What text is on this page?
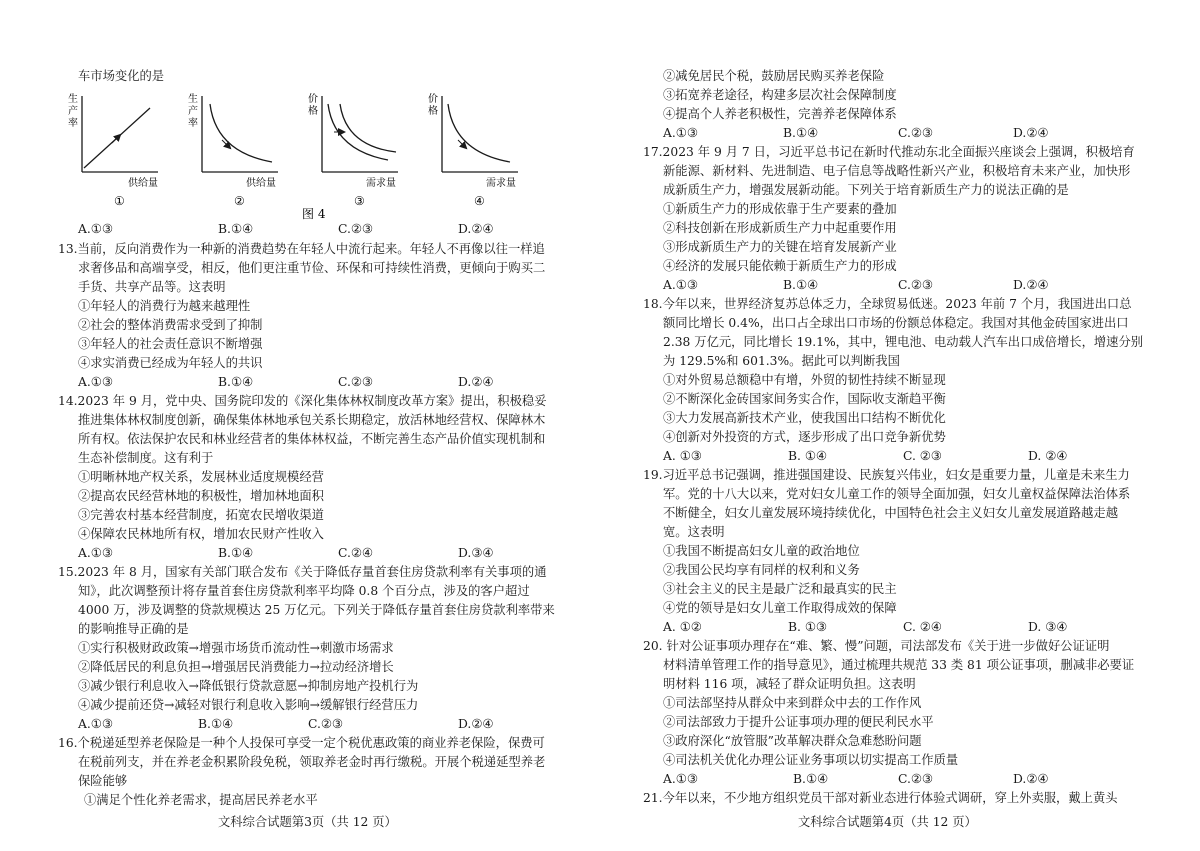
车市场变化的是
生
产
率
供给量
①
生
产
率
供给量
②
价
格
需求量
③
价
格
需求量
④
图 4
A.①③	B.①④	C.②③	D.②④
13.当前，反向消费作为一种新的消费趋势在年轻人中流行起来。年轻人不再像以往一样追
求奢侈品和高端享受，相反，他们更注重节俭、环保和可持续性消费，更倾向于购买二
手货、共享产品等。这表明
①年轻人的消费行为越来越理性
②社会的整体消费需求受到了抑制
③年轻人的社会责任意识不断增强
④求实消费已经成为年轻人的共识
A.①③	B.①④	C.②③	D.②④
14.2023 年 9 月，党中央、国务院印发的《深化集体林权制度改革方案》提出，积极稳妥
推进集体林权制度创新，确保集体林地承包关系长期稳定，放活林地经营权、保障林木
所有权。依法保护农民和林业经营者的集体林权益，不断完善生态产品价值实现机制和
生态补偿制度。这有利于
①明晰林地产权关系，发展林业适度规模经营
②提高农民经营林地的积极性，增加林地面积
③完善农村基本经营制度，拓宽农民增收渠道
④保障农民林地所有权，增加农民财产性收入
A.①③	B.①④	C.②④	D.③④
15.2023 年 8 月，国家有关部门联合发布《关于降低存量首套住房贷款利率有关事项的通
知》，此次调整预计将存量首套住房贷款利率平均降 0.8 个百分点，涉及的客户超过
4000 万，涉及调整的贷款规模达 25 万亿元。下列关于降低存量首套住房贷款利率带来
的影响推导正确的是
①实行积极财政政策→增强市场货币流动性→刺激市场需求
②降低居民的利息负担→增强居民消费能力→拉动经济增长
③减少银行利息收入→降低银行贷款意愿→抑制房地产投机行为
④减少提前还贷→减轻对银行利息收入影响→缓解银行经营压力
A.①③	B.①④	C.②③	D.②④
16.个税递延型养老保险是一种个人投保可享受一定个税优惠政策的商业养老保险，保费可
在税前列支，并在养老金积累阶段免税，领取养老金时再行缴税。开展个税递延型养老
保险能够
①满足个性化养老需求，提高居民养老水平
文科综合试题第3页（共 12 页）
②减免居民个税，鼓励居民购买养老保险
③拓宽养老途径，构建多层次社会保障制度
④提高个人养老积极性，完善养老保障体系
A.①③	B.①④	C.②③	D.②④
17.2023 年 9 月 7 日，习近平总书记在新时代推动东北全面振兴座谈会上强调，积极培育
新能源、新材料、先进制造、电子信息等战略性新兴产业，积极培育未来产业，加快形
成新质生产力，增强发展新动能。下列关于培育新质生产力的说法正确的是
①新质生产力的形成依靠于生产要素的叠加
②科技创新在形成新质生产力中起重要作用
③形成新质生产力的关键在培育发展新产业
④经济的发展只能依赖于新质生产力的形成
A.①③	B.①④	C.②③	D.②④
18.今年以来，世界经济复苏总体乏力，全球贸易低迷。2023 年前 7 个月，我国进出口总
额同比增长 0.4%，出口占全球出口市场的份额总体稳定。我国对其他金砖国家进出口
2.38 万亿元，同比增长 19.1%，其中，锂电池、电动载人汽车出口成倍增长，增速分别
为 129.5%和 601.3%。据此可以判断我国
①对外贸易总额稳中有增，外贸的韧性持续不断显现
②不断深化金砖国家间务实合作，国际收支渐趋平衡
③大力发展高新技术产业，使我国出口结构不断优化
④创新对外投资的方式，逐步形成了出口竞争新优势
A. ①③	B. ①④	C. ②③	D. ②④
19.习近平总书记强调，推进强国建设、民族复兴伟业，妇女是重要力量，儿童是未来生力
军。党的十八大以来，党对妇女儿童工作的领导全面加强，妇女儿童权益保障法治体系
不断健全，妇女儿童发展环境持续优化，中国特色社会主义妇女儿童发展道路越走越
宽。这表明
①我国不断提高妇女儿童的政治地位
②我国公民均享有同样的权利和义务
③社会主义的民主是最广泛和最真实的民主
④党的领导是妇女儿童工作取得成效的保障
A. ①②	B. ①③	C. ②④	D. ③④
20. 针对公证事项办理存在“难、繁、慢”问题，司法部发布《关于进一步做好公证证明
材料清单管理工作的指导意见》，通过梳理共规范 33 类 81 项公证事项，删减非必要证
明材料 116 项，减轻了群众证明负担。这表明
①司法部坚持从群众中来到群众中去的工作作风
②司法部致力于提升公证事项办理的便民利民水平
③政府深化“放管服”改革解决群众急难愁盼问题
④司法机关优化办理公证业务事项以切实提高工作质量
A.①③	B.①④	C.②③	D.②④
21.今年以来，不少地方组织党员干部对新业态进行体验式调研，穿上外卖服，戴上黄头
文科综合试题第4页（共 12 页）
